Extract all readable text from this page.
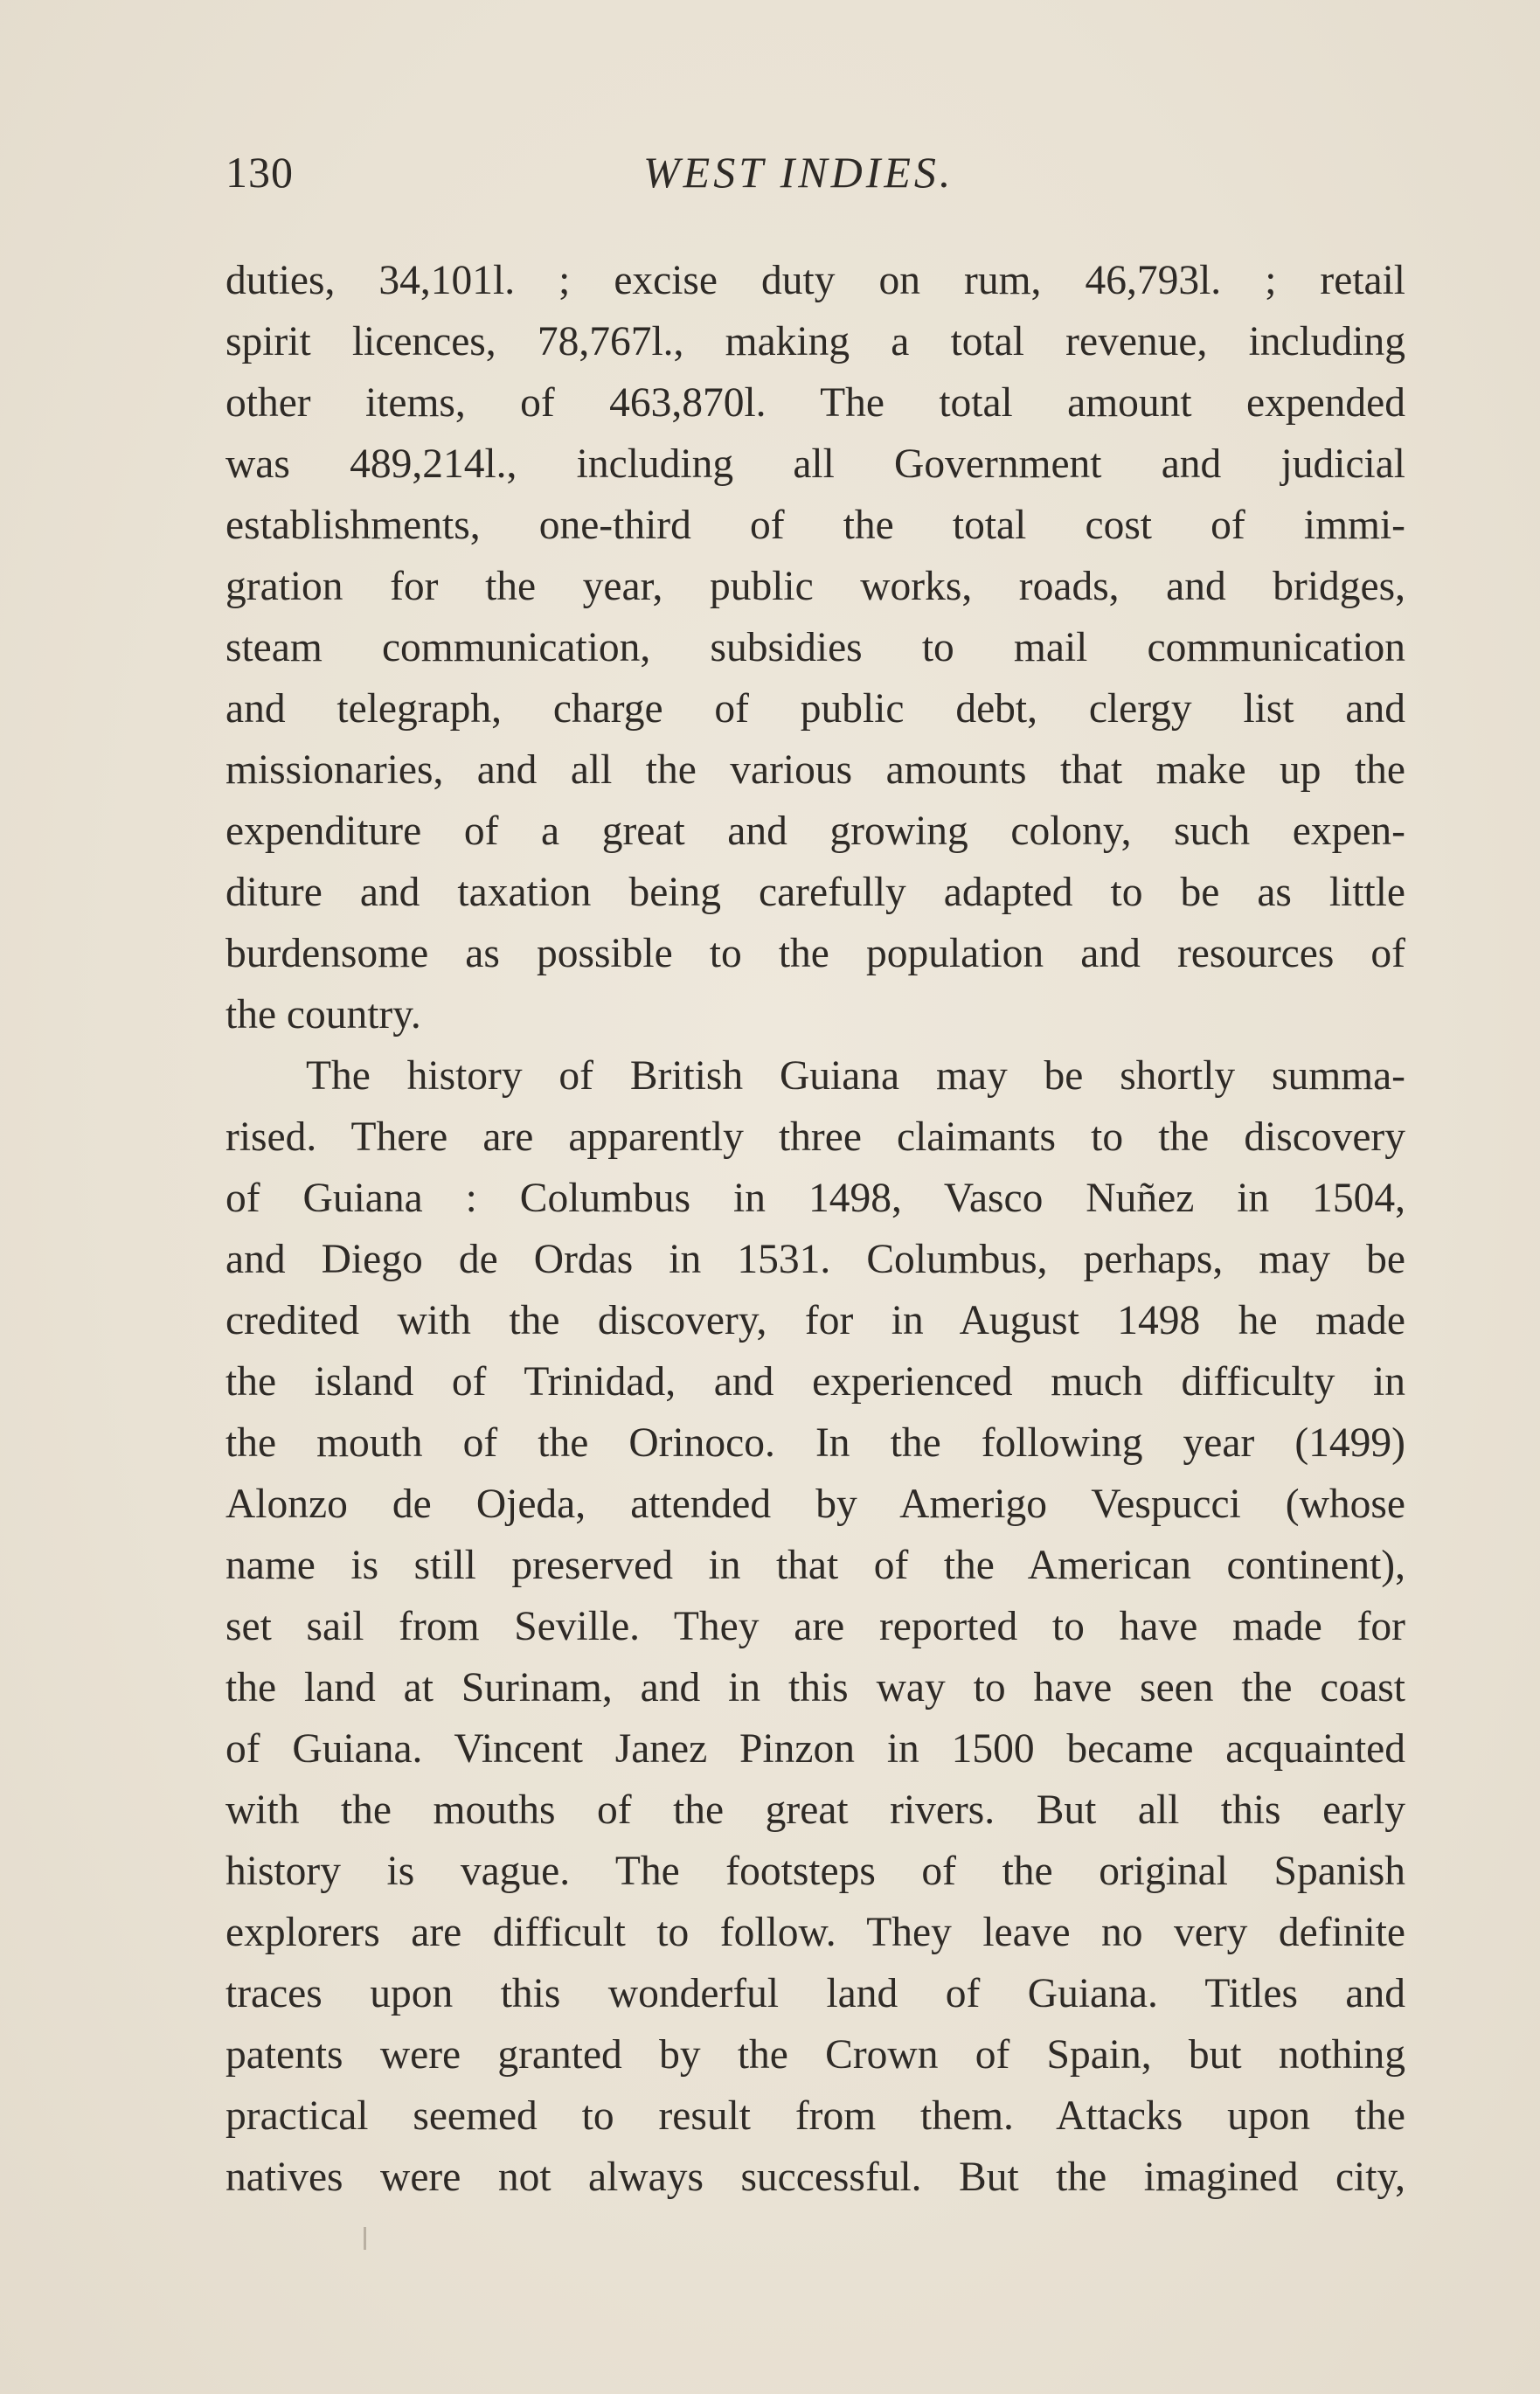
130	WEST INDIES.
duties, 34,101l. ; excise duty on rum, 46,793l. ; retail
spirit licences, 78,767l., making a total revenue, including
other items, of 463,870l. The total amount expended
was 489,214l., including all Government and judicial
establishments, one-third of the total cost of immi-
gration for the year, public works, roads, and bridges,
steam communication, subsidies to mail communication
and telegraph, charge of public debt, clergy list and
missionaries, and all the various amounts that make up the
expenditure of a great and growing colony, such expen-
diture and taxation being carefully adapted to be as little
burdensome as possible to the population and resources of
the country.
The history of British Guiana may be shortly summa-
rised. There are apparently three claimants to the discovery
of Guiana : Columbus in 1498, Vasco Nuñez in 1504,
and Diego de Ordas in 1531. Columbus, perhaps, may be
credited with the discovery, for in August 1498 he made
the island of Trinidad, and experienced much difficulty in
the mouth of the Orinoco. In the following year (1499)
Alonzo de Ojeda, attended by Amerigo Vespucci (whose
name is still preserved in that of the American continent),
set sail from Seville. They are reported to have made for
the land at Surinam, and in this way to have seen the coast
of Guiana. Vincent Janez Pinzon in 1500 became acquainted
with the mouths of the great rivers. But all this early
history is vague. The footsteps of the original Spanish
explorers are difficult to follow. They leave no very definite
traces upon this wonderful land of Guiana. Titles and
patents were granted by the Crown of Spain, but nothing
practical seemed to result from them. Attacks upon the
natives were not always successful. But the imagined city,
